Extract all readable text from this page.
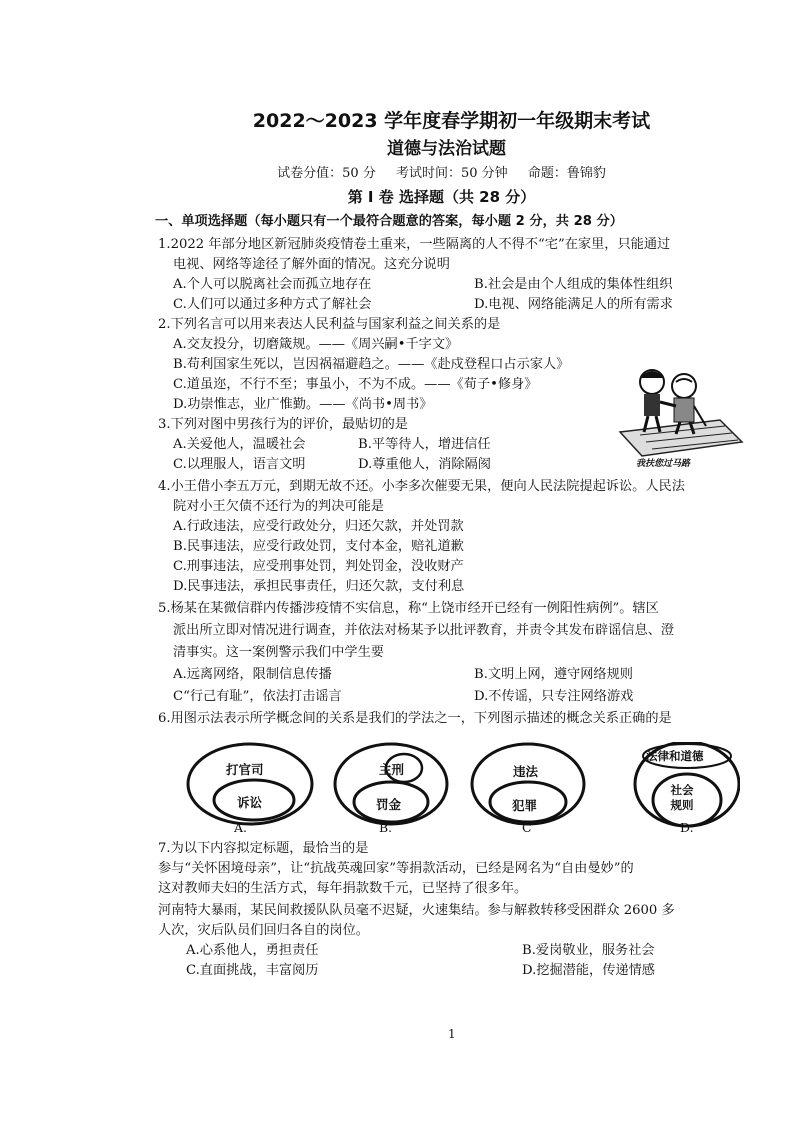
2022～2023 学年度春学期初一年级期末考试
道德与法治试题
试卷分值：50 分 考试时间：50 分钟 命题：鲁锦豹
第 Ⅰ 卷 选择题（共 28 分）
一、单项选择题（每小题只有一个最符合题意的答案，每小题 2 分，共 28 分）
1.2022 年部分地区新冠肺炎疫情卷土重来，一些隔离的人不得不“宅”在家里，只能通过
电视、网络等途径了解外面的情况。这充分说明
A.个人可以脱离社会而孤立地存在	B.社会是由个人组成的集体性组织
C.人们可以通过多种方式了解社会	D.电视、网络能满足人的所有需求
2.下列名言可以用来表达人民利益与国家利益之间关系的是
A.交友投分，切磨箴规。——《周兴嗣•千字文》
B.苟利国家生死以，岂因祸福避趋之。——《赴戍登程口占示家人》
C.道虽迩，不行不至；事虽小，不为不成。——《荀子•修身》
D.功崇惟志，业广惟勤。——《尚书•周书》
我扶您过马路
3.下列对图中男孩行为的评价，最贴切的是
A.关爱他人，温暖社会	B.平等待人，增进信任
C.以理服人，语言文明	D.尊重他人，消除隔阂
4.小王借小李五万元，到期无故不还。小李多次催要无果，便向人民法院提起诉讼。人民法
院对小王欠债不还行为的判决可能是
A.行政违法，应受行政处分，归还欠款，并处罚款
B.民事违法，应受行政处罚，支付本金，赔礼道歉
C.刑事违法，应受刑事处罚，判处罚金，没收财产
D.民事违法，承担民事责任，归还欠款，支付利息
5.杨某在某微信群内传播涉疫情不实信息，称“上饶市经开已经有一例阳性病例”。辖区
派出所立即对情况进行调查，并依法对杨某予以批评教育，并责令其发布辟谣信息、澄
清事实。这一案例警示我们中学生要
A.远离网络，限制信息传播	B.文明上网，遵守网络规则
C“行己有耻”，依法打击谣言	D.不传谣，只专注网络游戏
6.用图示法表示所学概念间的关系是我们的学法之一，下列图示描述的概念关系正确的是
打官司
诉讼
主刑
罚金
违法
犯罪
法律和道德
社会规则
A.	B.	C	D.
7.为以下内容拟定标题，最恰当的是
参与“关怀困境母亲”，让“抗战英魂回家”等捐款活动，已经是网名为“自由曼妙”的
这对教师夫妇的生活方式，每年捐款数千元，已坚持了很多年。
河南特大暴雨，某民间救援队队员毫不迟疑，火速集结。参与解救转移受困群众 2600 多
人次，灾后队员们回归各自的岗位。
A.心系他人，勇担责任	B.爱岗敬业，服务社会
C.直面挑战，丰富阅历	D.挖掘潜能，传递情感
1
